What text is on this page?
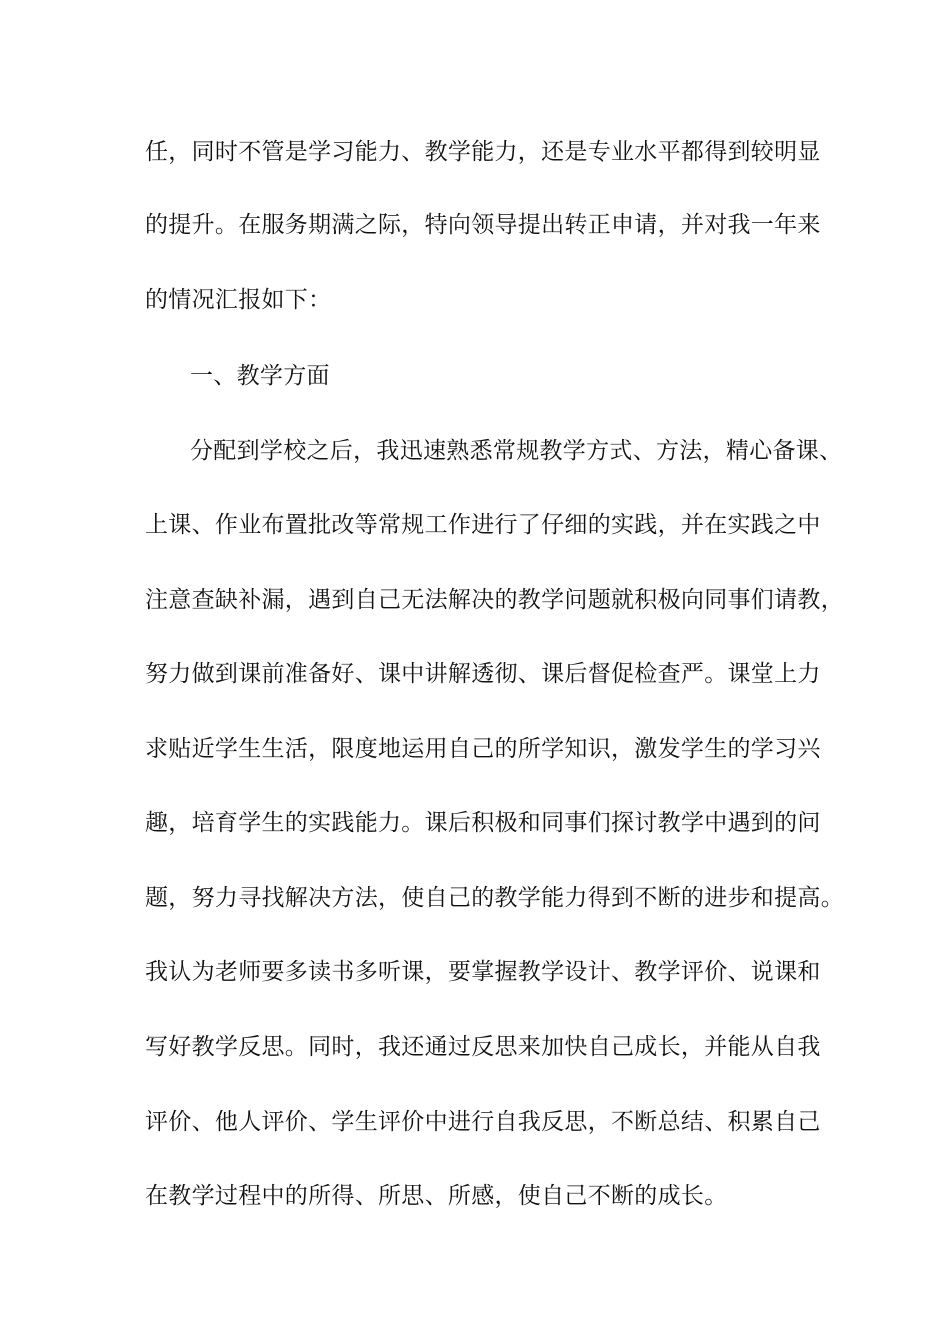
任，同时不管是学习能力、教学能力，还是专业水平都得到较明显
的提升。在服务期满之际，特向领导提出转正申请，并对我一年来
的情况汇报如下：
一、教学方面
分配到学校之后，我迅速熟悉常规教学方式、方法，精心备课、
上课、作业布置批改等常规工作进行了仔细的实践，并在实践之中
注意查缺补漏，遇到自己无法解决的教学问题就积极向同事们请教，
努力做到课前准备好、课中讲解透彻、课后督促检查严。课堂上力
求贴近学生生活，限度地运用自己的所学知识，激发学生的学习兴
趣，培育学生的实践能力。课后积极和同事们探讨教学中遇到的问
题，努力寻找解决方法，使自己的教学能力得到不断的进步和提高。
我认为老师要多读书多听课，要掌握教学设计、教学评价、说课和
写好教学反思。同时，我还通过反思来加快自己成长，并能从自我
评价、他人评价、学生评价中进行自我反思，不断总结、积累自己
在教学过程中的所得、所思、所感，使自己不断的成长。
